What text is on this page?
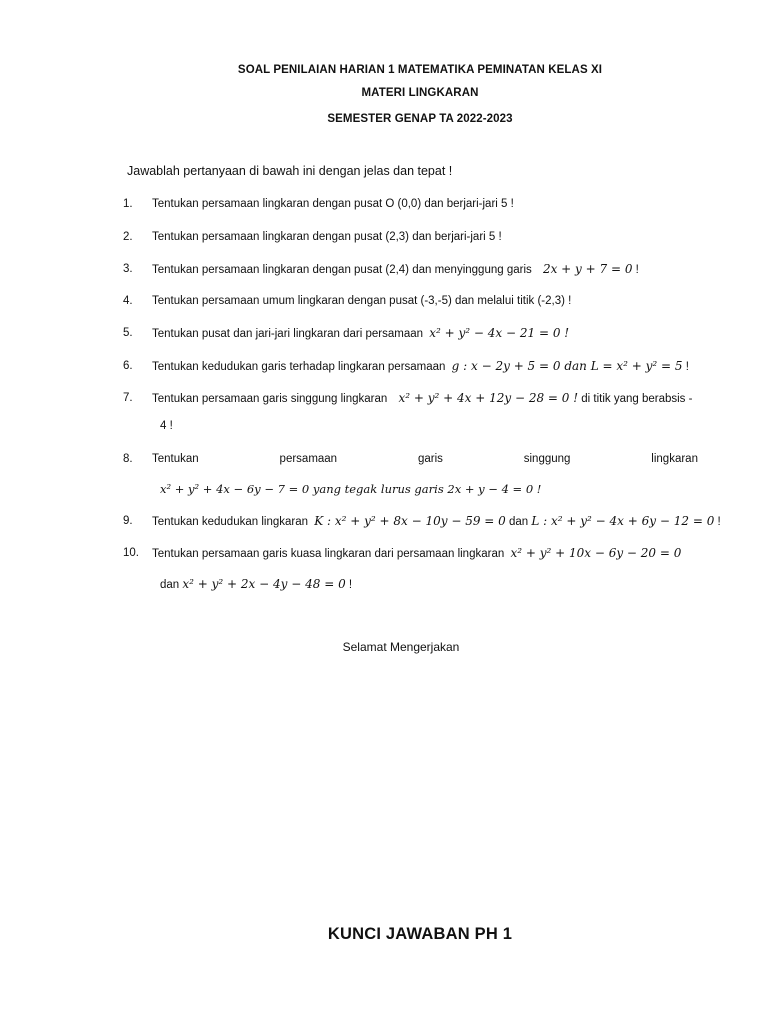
SOAL PENILAIAN HARIAN 1 MATEMATIKA PEMINATAN KELAS XI
MATERI LINGKARAN
SEMESTER GENAP TA 2022-2023
Jawablah pertanyaan di bawah ini dengan jelas dan tepat !
1.	Tentukan persamaan lingkaran dengan pusat O (0,0) dan berjari-jari 5 !
2.	Tentukan persamaan lingkaran dengan pusat (2,3) dan berjari-jari 5 !
3.	Tentukan persamaan lingkaran dengan pusat (2,4) dan menyinggung garis 2x + y + 7 = 0 !
4.	Tentukan persamaan umum lingkaran dengan pusat (-3,-5) dan melalui titik (-2,3) !
5.	Tentukan pusat dan jari-jari lingkaran dari persamaan x² + y² − 4x − 21 = 0 !
6.	Tentukan kedudukan garis terhadap lingkaran persamaan g : x − 2y + 5 = 0 dan L = x² + y² = 5 !
7.	Tentukan persamaan garis singgung lingkaran x² + y² + 4x + 12y − 28 = 0 ! di titik yang berabsis -
4 !
8.	Tentukan	persamaan	garis	singgung	lingkaran
x² + y² + 4x − 6y − 7 = 0 yang tegak lurus garis 2x + y − 4 = 0 !
9.	Tentukan kedudukan lingkaran K : x² + y² + 8x − 10y − 59 = 0 dan L : x² + y² − 4x + 6y − 12 = 0 !
10.	Tentukan persamaan garis kuasa lingkaran dari persamaan lingkaran x² + y² + 10x − 6y − 20 = 0
dan x² + y² + 2x − 4y − 48 = 0 !
Selamat Mengerjakan
KUNCI JAWABAN PH 1
